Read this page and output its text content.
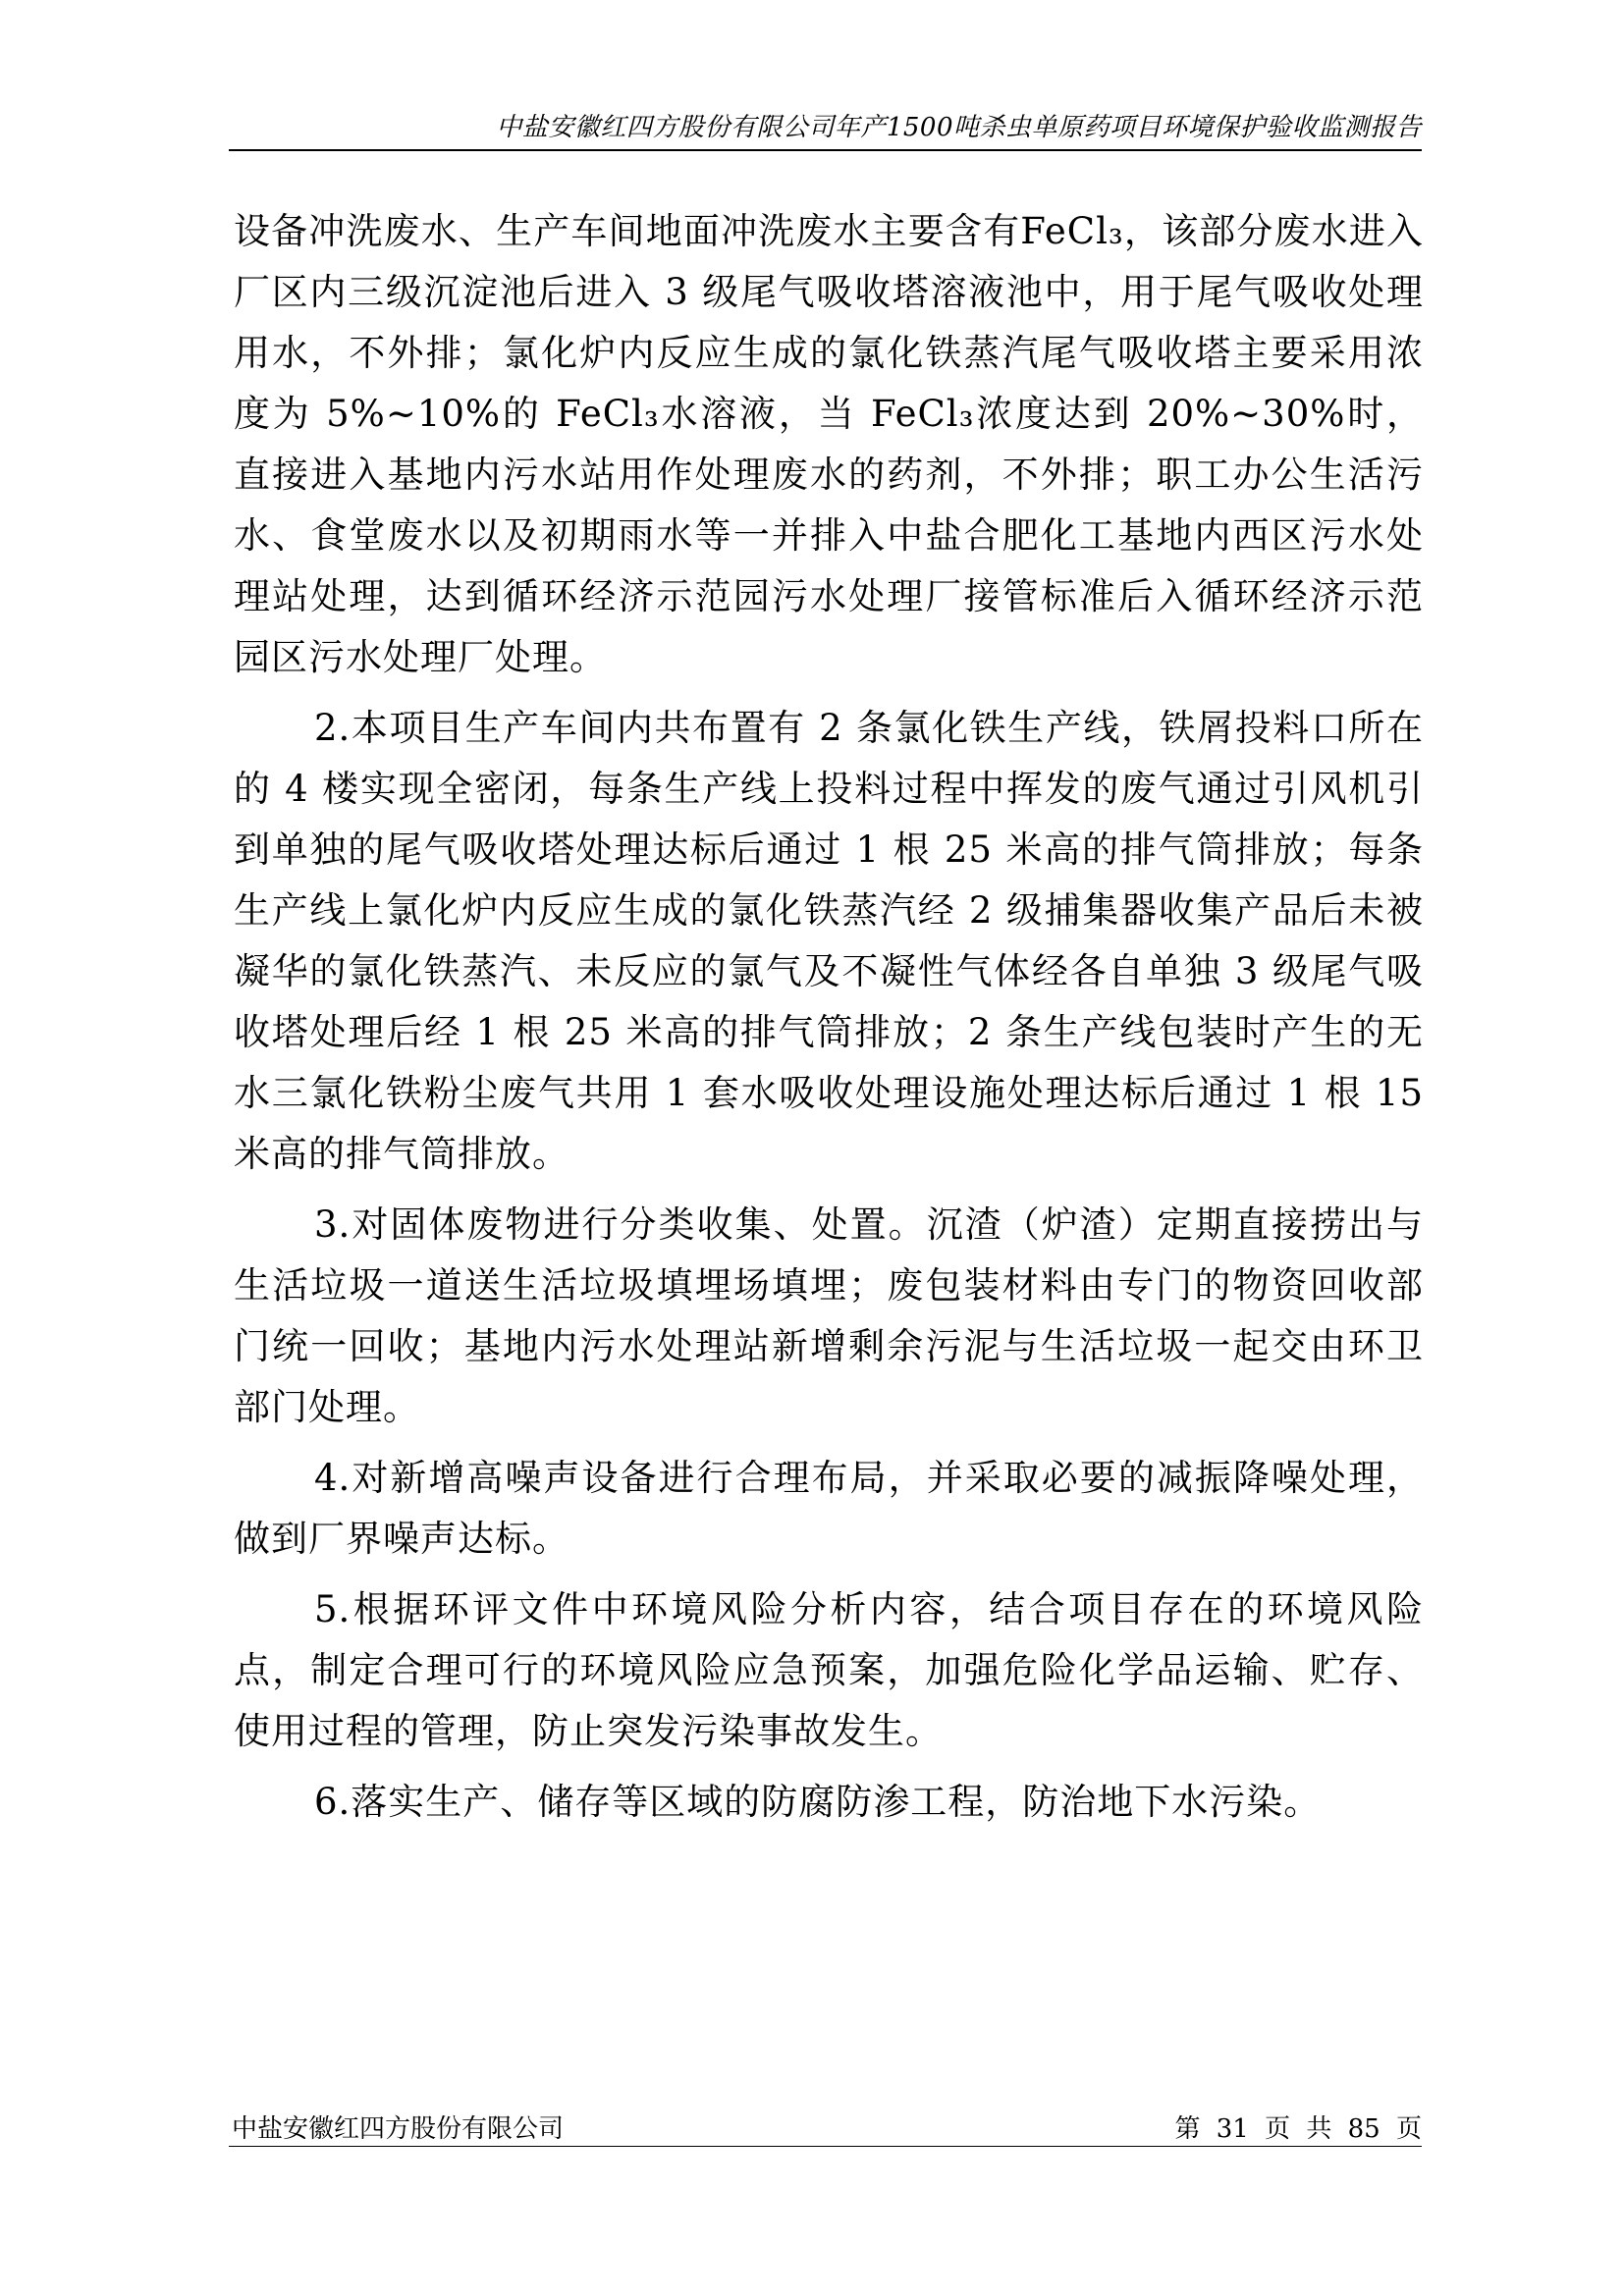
中盐安徽红四方股份有限公司年产1500吨杀虫单原药项目环境保护验收监测报告

设备冲洗废水、生产车间地面冲洗废水主要含有FeCl₃，该部分废水进入厂区内三级沉淀池后进入 3 级尾气吸收塔溶液池中，用于尾气吸收处理用水，不外排；氯化炉内反应生成的氯化铁蒸汽尾气吸收塔主要采用浓度为 5%~10%的 FeCl₃水溶液，当 FeCl₃浓度达到 20%~30%时，直接进入基地内污水站用作处理废水的药剂，不外排；职工办公生活污水、食堂废水以及初期雨水等一并排入中盐合肥化工基地内西区污水处理站处理，达到循环经济示范园污水处理厂接管标准后入循环经济示范园区污水处理厂处理。

2.本项目生产车间内共布置有 2 条氯化铁生产线，铁屑投料口所在的 4 楼实现全密闭，每条生产线上投料过程中挥发的废气通过引风机引到单独的尾气吸收塔处理达标后通过 1 根 25 米高的排气筒排放；每条生产线上氯化炉内反应生成的氯化铁蒸汽经 2 级捕集器收集产品后未被凝华的氯化铁蒸汽、未反应的氯气及不凝性气体经各自单独 3 级尾气吸收塔处理后经 1 根 25 米高的排气筒排放；2 条生产线包装时产生的无水三氯化铁粉尘废气共用 1 套水吸收处理设施处理达标后通过 1 根 15 米高的排气筒排放。

3.对固体废物进行分类收集、处置。沉渣（炉渣）定期直接捞出与生活垃圾一道送生活垃圾填埋场填埋；废包装材料由专门的物资回收部门统一回收；基地内污水处理站新增剩余污泥与生活垃圾一起交由环卫部门处理。

4.对新增高噪声设备进行合理布局，并采取必要的减振降噪处理，做到厂界噪声达标。

5.根据环评文件中环境风险分析内容，结合项目存在的环境风险点，制定合理可行的环境风险应急预案，加强危险化学品运输、贮存、使用过程的管理，防止突发污染事故发生。

6.落实生产、储存等区域的防腐防渗工程，防治地下水污染。

中盐安徽红四方股份有限公司	第 31 页 共 85 页
